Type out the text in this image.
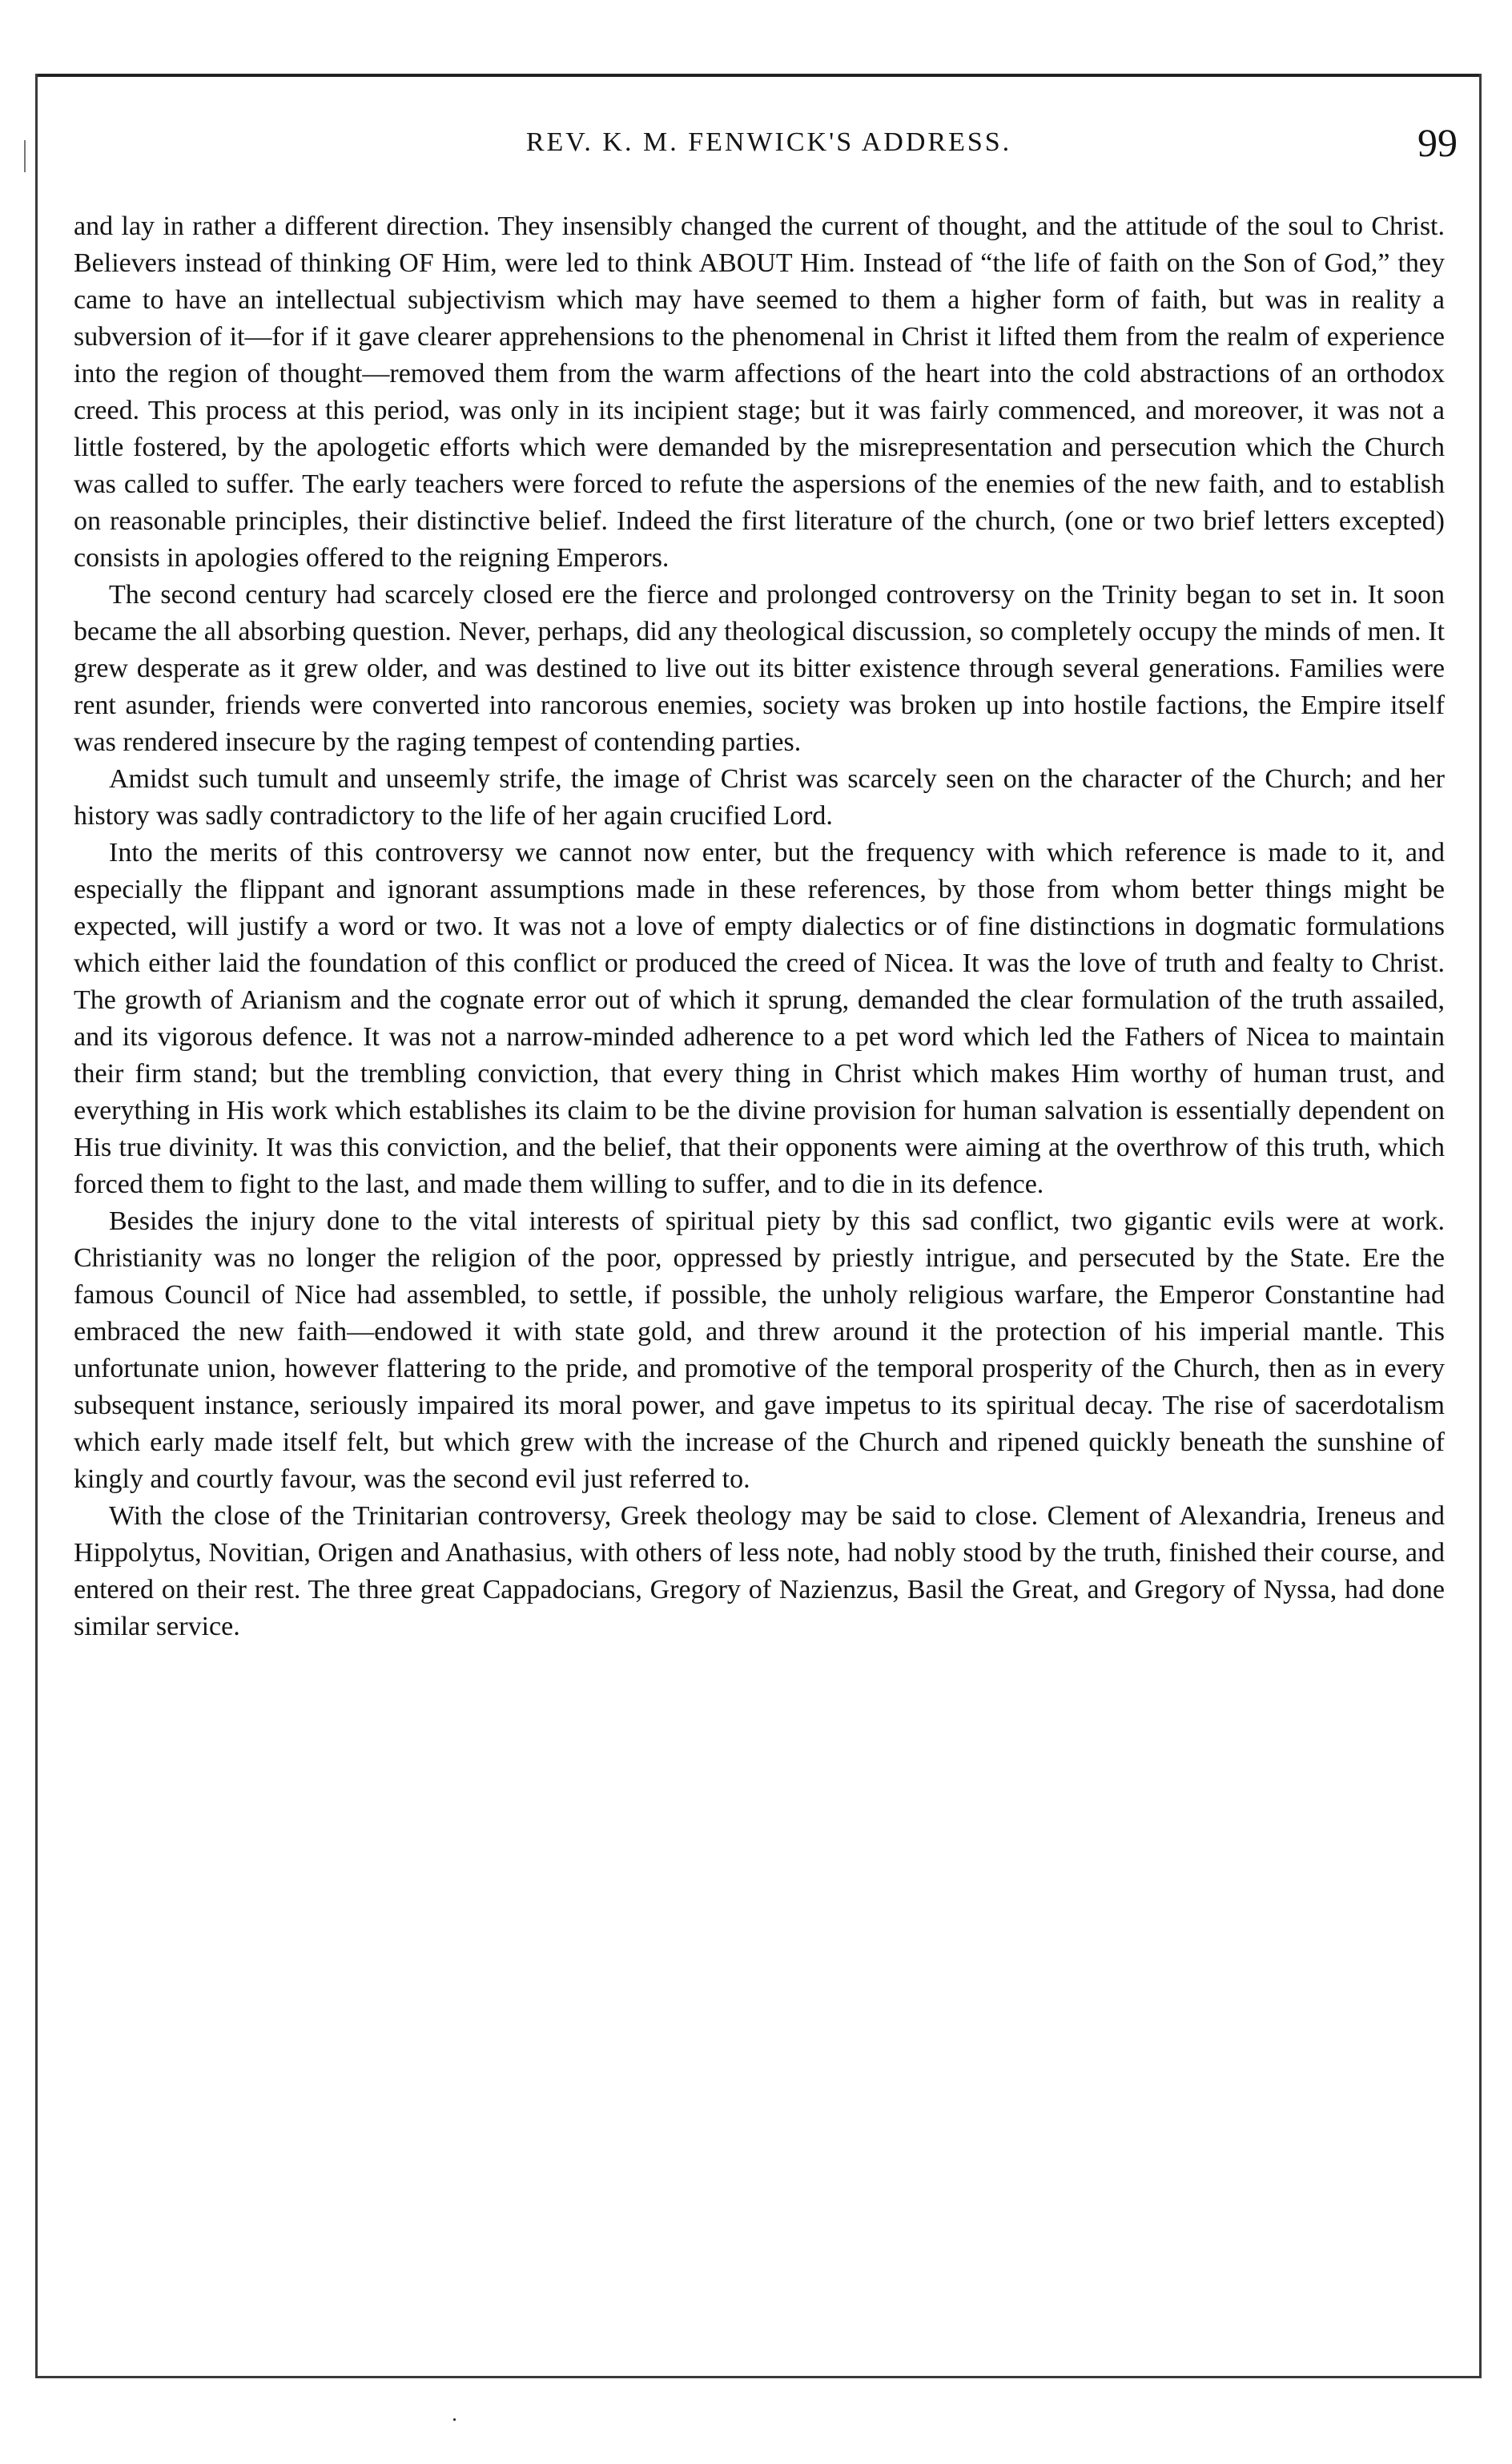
REV. K. M. FENWICK'S ADDRESS.	99

and lay in rather a different direction. They insensibly changed the current of thought, and the attitude of the soul to Christ. Believers instead of thinking OF Him, were led to think ABOUT Him. Instead of “the life of faith on the Son of God,” they came to have an intellectual subjectivism which may have seemed to them a higher form of faith, but was in reality a subversion of it—for if it gave clearer apprehensions to the phenomenal in Christ it lifted them from the realm of experience into the region of thought—removed them from the warm affections of the heart into the cold abstractions of an orthodox creed. This process at this period, was only in its incipient stage; but it was fairly commenced, and moreover, it was not a little fostered, by the apologetic efforts which were demanded by the misrepresentation and persecution which the Church was called to suffer. The early teachers were forced to refute the aspersions of the enemies of the new faith, and to establish on reasonable principles, their distinctive belief. Indeed the first literature of the church, (one or two brief letters excepted) consists in apologies offered to the reigning Emperors.

The second century had scarcely closed ere the fierce and prolonged controversy on the Trinity began to set in. It soon became the all absorbing question. Never, perhaps, did any theological discussion, so completely occupy the minds of men. It grew desperate as it grew older, and was destined to live out its bitter existence through several generations. Families were rent asunder, friends were converted into rancorous enemies, society was broken up into hostile factions, the Empire itself was rendered insecure by the raging tempest of contending parties.

Amidst such tumult and unseemly strife, the image of Christ was scarcely seen on the character of the Church; and her history was sadly contradictory to the life of her again crucified Lord.

Into the merits of this controversy we cannot now enter, but the frequency with which reference is made to it, and especially the flippant and ignorant assumptions made in these references, by those from whom better things might be expected, will justify a word or two. It was not a love of empty dialectics or of fine distinctions in dogmatic formulations which either laid the foundation of this conflict or produced the creed of Nicea. It was the love of truth and fealty to Christ. The growth of Arianism and the cognate error out of which it sprung, demanded the clear formulation of the truth assailed, and its vigorous defence. It was not a narrow-minded adherence to a pet word which led the Fathers of Nicea to maintain their firm stand; but the trembling conviction, that every thing in Christ which makes Him worthy of human trust, and everything in His work which establishes its claim to be the divine provision for human salvation is essentially dependent on His true divinity. It was this conviction, and the belief, that their opponents were aiming at the overthrow of this truth, which forced them to fight to the last, and made them willing to suffer, and to die in its defence.

Besides the injury done to the vital interests of spiritual piety by this sad conflict, two gigantic evils were at work. Christianity was no longer the religion of the poor, oppressed by priestly intrigue, and persecuted by the State. Ere the famous Council of Nice had assembled, to settle, if possible, the unholy religious warfare, the Emperor Constantine had embraced the new faith—endowed it with state gold, and threw around it the protection of his imperial mantle. This unfortunate union, however flattering to the pride, and promotive of the temporal prosperity of the Church, then as in every subsequent instance, seriously impaired its moral power, and gave impetus to its spiritual decay. The rise of sacerdotalism which early made itself felt, but which grew with the increase of the Church and ripened quickly beneath the sunshine of kingly and courtly favour, was the second evil just referred to.

With the close of the Trinitarian controversy, Greek theology may be said to close. Clement of Alexandria, Ireneus and Hippolytus, Novitian, Origen and Anathasius, with others of less note, had nobly stood by the truth, finished their course, and entered on their rest. The three great Cappadocians, Gregory of Nazienzus, Basil the Great, and Gregory of Nyssa, had done similar service.

.
